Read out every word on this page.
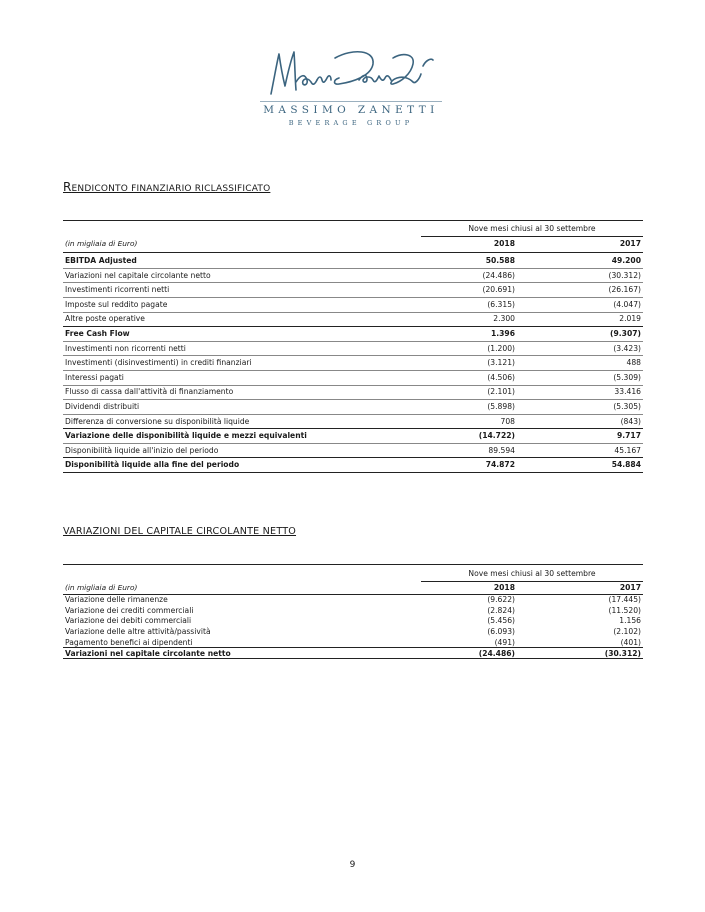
MASSIMO ZANETTI
BEVERAGE GROUP
RENDICONTO FINANZIARIO RICLASSIFICATO
Nove mesi chiusi al 30 settembre
(in migliaia di Euro)	2018	2017
EBITDA Adjusted	50.588	49.200
Variazioni nel capitale circolante netto	(24.486)	(30.312)
Investimenti ricorrenti netti	(20.691)	(26.167)
Imposte sul reddito pagate	(6.315)	(4.047)
Altre poste operative	2.300	2.019
Free Cash Flow	1.396	(9.307)
Investimenti non ricorrenti netti	(1.200)	(3.423)
Investimenti (disinvestimenti) in crediti finanziari	(3.121)	488
Interessi pagati	(4.506)	(5.309)
Flusso di cassa dall'attività di finanziamento	(2.101)	33.416
Dividendi distribuiti	(5.898)	(5.305)
Differenza di conversione su disponibilità liquide	708	(843)
Variazione delle disponibilità liquide e mezzi equivalenti	(14.722)	9.717
Disponibilità liquide all'inizio del periodo	89.594	45.167
Disponibilità liquide alla fine del periodo	74.872	54.884
VARIAZIONI DEL CAPITALE CIRCOLANTE NETTO
Nove mesi chiusi al 30 settembre
(in migliaia di Euro)	2018	2017
Variazione delle rimanenze	(9.622)	(17.445)
Variazione dei crediti commerciali	(2.824)	(11.520)
Variazione dei debiti commerciali	(5.456)	1.156
Variazione delle altre attività/passività	(6.093)	(2.102)
Pagamento benefici ai dipendenti	(491)	(401)
Variazioni nel capitale circolante netto	(24.486)	(30.312)
9
